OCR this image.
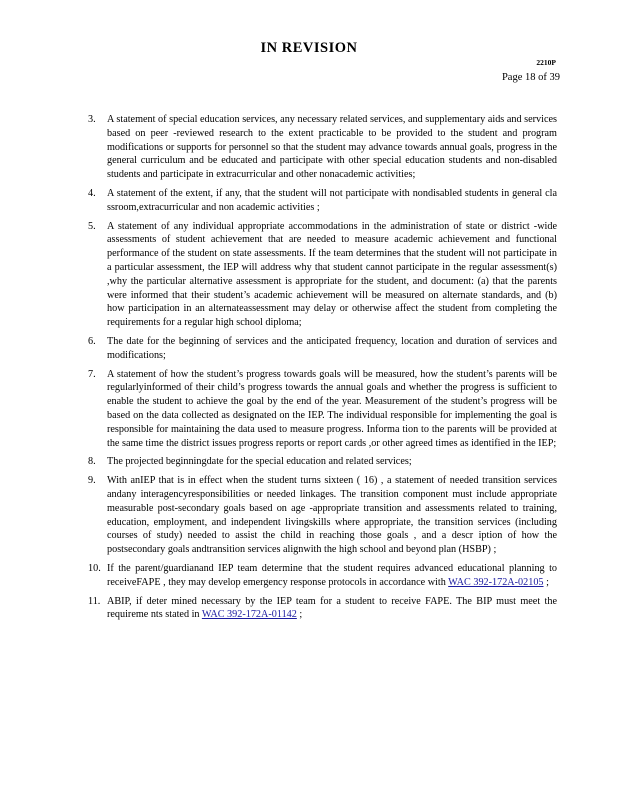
IN REVISION
2210P
Page 18 of 39
3.	A statement of special education services, any necessary related services, and supplementary aids and services based on peer -reviewed research to the extent practicable to be provided to the student and program modifications or supports for personnel so that the student may advance towards annual goals, progress in the general curriculum and be educated and participate with other special education students and non-disabled students and participate in extracurricular and other nonacademic activities;
4.	A statement of the extent, if any, that the student will not participate with nondisabled students in general cla ssroom,extracurricular and non academic activities ;
5.	A statement of any individual appropriate accommodations in the administration of state or district -wide assessments of student achievement that are needed to measure academic achievement and functional performance of the student on state assessments. If the team determines that the student will not participate in a particular assessment, the IEP will address why that student cannot participate in the regular assessment(s) ,why the particular alternative assessment is appropriate for the student, and document: (a) that the parents were informed that their student’s academic achievement will be measured on alternate standards, and (b) how participation in an alternateassessment may delay or otherwise affect the student from completing the requirements for a regular high school diploma;
6.	The date for the beginning of services and the anticipated frequency, location and duration of services and modifications;
7.	A statement of how the student’s progress towards goals will be measured, how the student’s parents will be regularlyinformed of their child’s progress towards the annual goals and whether the progress is sufficient to enable the student to achieve the goal by the end of the year. Measurement of the student’s progress will be based on the data collected as designated on the IEP. The individual responsible for implementing the goal is responsible for maintaining the data used to measure progress. Informa tion to the parents will be provided at the same time the district issues progress reports or report cards ,or other agreed times as identified in the IEP;
8.	The projected beginningdate for the special education and related services;
9.	With anIEP that is in effect when the student turns sixteen ( 16) , a statement of needed transition services andany interagencyresponsibilities or needed linkages. The transition component must include appropriate measurable post-secondary goals based on age -appropriate transition and assessments related to training, education, employment, and independent livingskills where appropriate, the transition services (including courses of study) needed to assist the child in reaching those goals , and a descr iption of how the postsecondary goals andtransition services alignwith the high school and beyond plan (HSBP) ;
10. If the parent/guardianand IEP team determine that the student requires advanced educational planning to receiveFAPE , they may develop emergency response protocols in accordance with WAC 392-172A-02105 ;
11. ABIP, if deter mined necessary by the IEP team for a student to receive FAPE. The BIP must meet the requireme nts stated in WAC 392-172A-01142 ;
